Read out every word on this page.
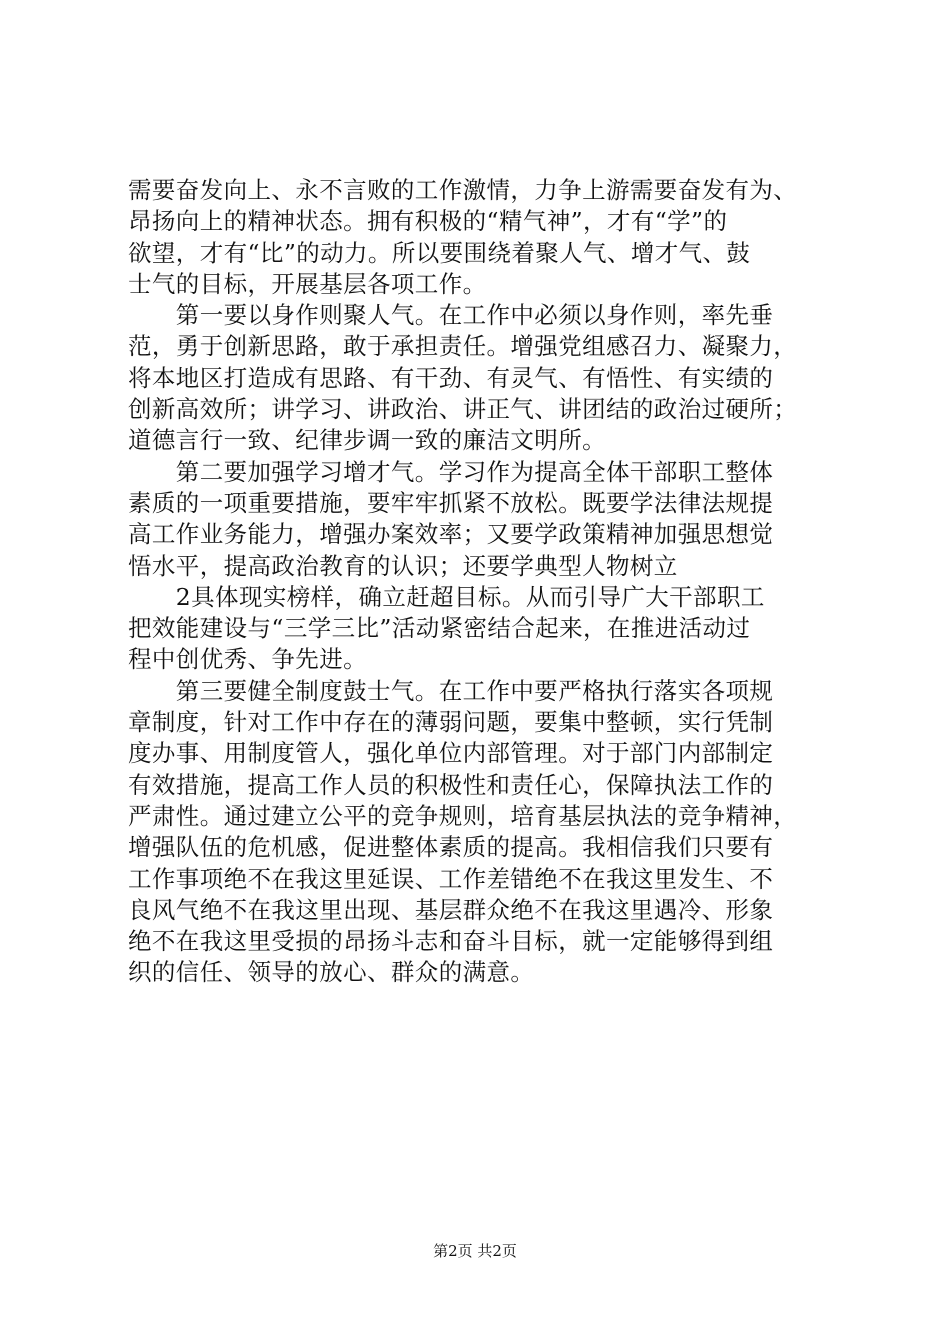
需要奋发向上、永不言败的工作激情，力争上游需要奋发有为、
昂扬向上的精神状态。拥有积极的“精气神”，才有“学”的
欲望，才有“比”的动力。所以要围绕着聚人气、增才气、鼓
士气的目标，开展基层各项工作。
　　第一要以身作则聚人气。在工作中必须以身作则，率先垂
范，勇于创新思路，敢于承担责任。增强党组感召力、凝聚力，
将本地区打造成有思路、有干劲、有灵气、有悟性、有实绩的
创新高效所；讲学习、讲政治、讲正气、讲团结的政治过硬所；
道德言行一致、纪律步调一致的廉洁文明所。
　　第二要加强学习增才气。学习作为提高全体干部职工整体
素质的一项重要措施，要牢牢抓紧不放松。既要学法律法规提
高工作业务能力，增强办案效率；又要学政策精神加强思想觉
悟水平，提高政治教育的认识；还要学典型人物树立
　　2具体现实榜样，确立赶超目标。从而引导广大干部职工
把效能建设与“三学三比”活动紧密结合起来，在推进活动过
程中创优秀、争先进。
　　第三要健全制度鼓士气。在工作中要严格执行落实各项规
章制度，针对工作中存在的薄弱问题，要集中整顿，实行凭制
度办事、用制度管人，强化单位内部管理。对于部门内部制定
有效措施，提高工作人员的积极性和责任心，保障执法工作的
严肃性。通过建立公平的竞争规则，培育基层执法的竞争精神，
增强队伍的危机感，促进整体素质的提高。我相信我们只要有
工作事项绝不在我这里延误、工作差错绝不在我这里发生、不
良风气绝不在我这里出现、基层群众绝不在我这里遇冷、形象
绝不在我这里受损的昂扬斗志和奋斗目标，就一定能够得到组
织的信任、领导的放心、群众的满意。
第2页 共2页
